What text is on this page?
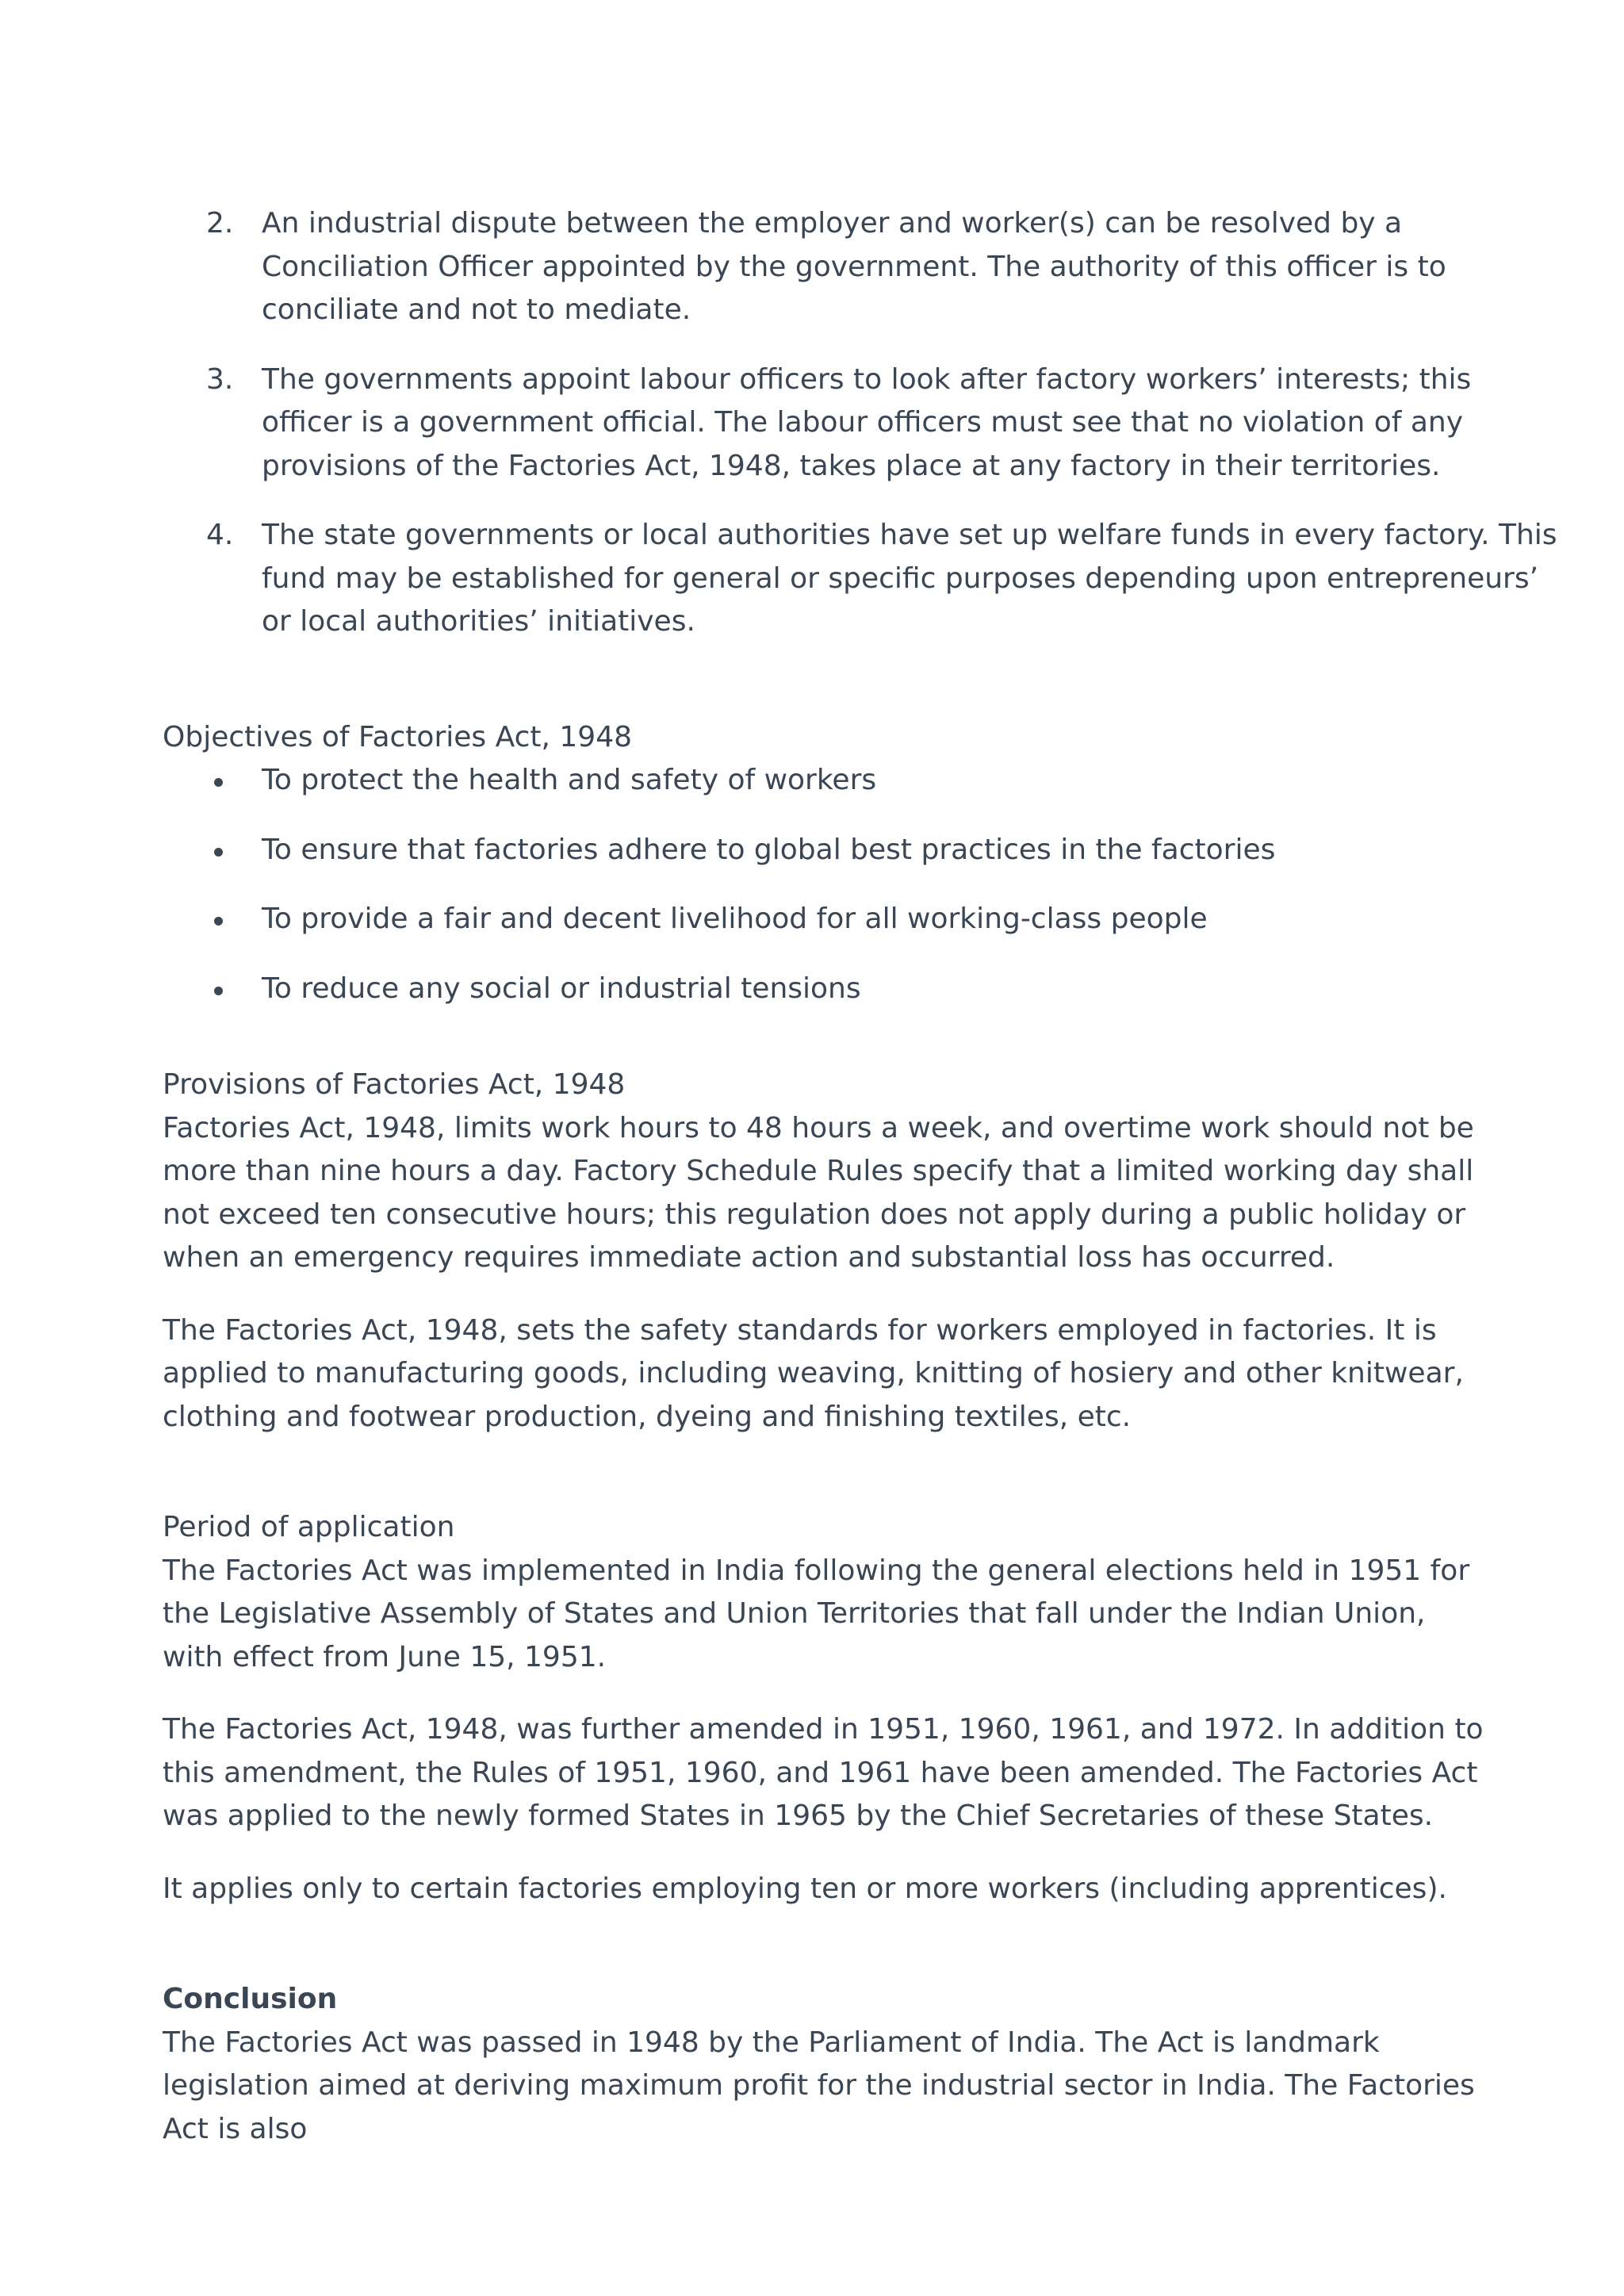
2. An industrial dispute between the employer and worker(s) can be resolved by a Conciliation Officer appointed by the government. The authority of this officer is to conciliate and not to mediate.
3. The governments appoint labour officers to look after factory workers’ interests; this officer is a government official. The labour officers must see that no violation of any provisions of the Factories Act, 1948, takes place at any factory in their territories.
4. The state governments or local authorities have set up welfare funds in every factory. This fund may be established for general or specific purposes depending upon entrepreneurs’ or local authorities’ initiatives.

Objectives of Factories Act, 1948

To protect the health and safety of workers
To ensure that factories adhere to global best practices in the factories
To provide a fair and decent livelihood for all working-class people
To reduce any social or industrial tensions

Provisions of Factories Act, 1948

Factories Act, 1948, limits work hours to 48 hours a week, and overtime work should not be more than nine hours a day. Factory Schedule Rules specify that a limited working day shall not exceed ten consecutive hours; this regulation does not apply during a public holiday or when an emergency requires immediate action and substantial loss has occurred.

The Factories Act, 1948, sets the safety standards for workers employed in factories. It is applied to manufacturing goods, including weaving, knitting of hosiery and other knitwear, clothing and footwear production, dyeing and finishing textiles, etc.

Period of application

The Factories Act was implemented in India following the general elections held in 1951 for the Legislative Assembly of States and Union Territories that fall under the Indian Union, with effect from June 15, 1951.

The Factories Act, 1948, was further amended in 1951, 1960, 1961, and 1972. In addition to this amendment, the Rules of 1951, 1960, and 1961 have been amended. The Factories Act was applied to the newly formed States in 1965 by the Chief Secretaries of these States.

It applies only to certain factories employing ten or more workers (including apprentices).

Conclusion

The Factories Act was passed in 1948 by the Parliament of India. The Act is landmark legislation aimed at deriving maximum profit for the industrial sector in India. The Factories Act is also
